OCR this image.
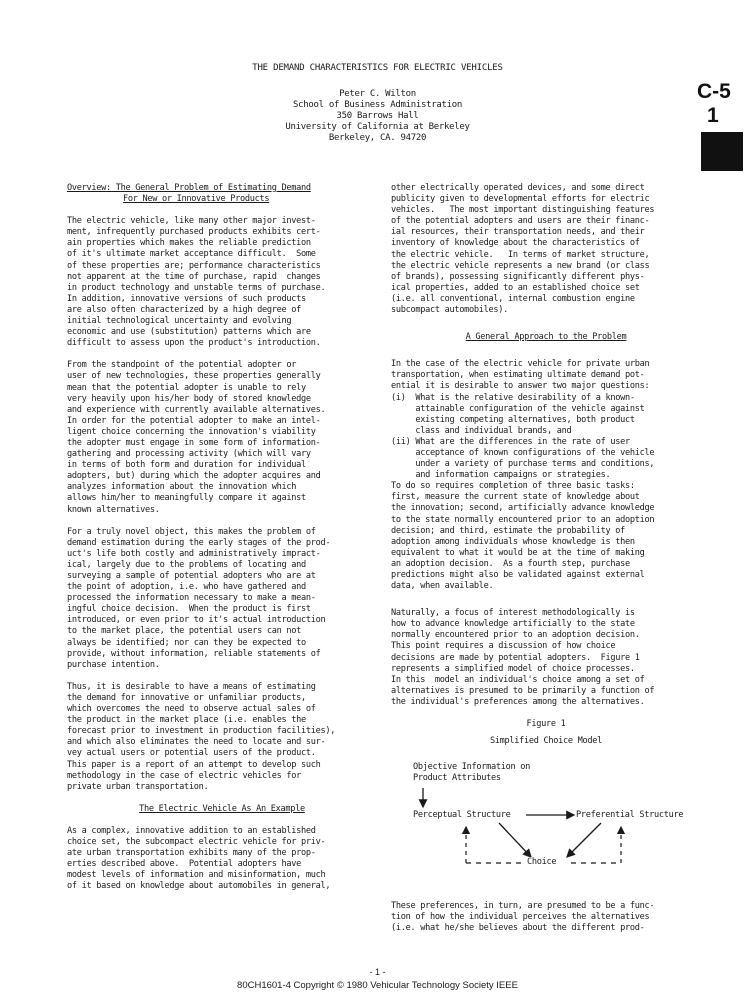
THE DEMAND CHARACTERISTICS FOR ELECTRIC VEHICLES
Peter C. Wilton
School of Business Administration
350 Barrows Hall
University of California at Berkeley
Berkeley, CA. 94720
C-5
1
Overview: The General Problem of Estimating Demand
For New or Innovative Products

The electric vehicle, like many other major invest-
ment, infrequently purchased products exhibits cert-
ain properties which makes the reliable prediction
of it's ultimate market acceptance difficult.  Some
of these properties are; performance characteristics
not apparent at the time of purchase, rapid  changes
in product technology and unstable terms of purchase.
In addition, innovative versions of such products
are also often characterized by a high degree of
initial technological uncertainty and evolving
economic and use (substitution) patterns which are
difficult to assess upon the product's introduction.

From the standpoint of the potential adopter or
user of new technologies, these properties generally
mean that the potential adopter is unable to rely
very heavily upon his/her body of stored knowledge
and experience with currently available alternatives.
In order for the potential adopter to make an intel-
ligent choice concerning the innovation's viability
the adopter must engage in some form of information-
gathering and processing activity (which will vary
in terms of both form and duration for individual
adopters, but) during which the adopter acquires and
analyzes information about the innovation which
allows him/her to meaningfully compare it against
known alternatives.

For a truly novel object, this makes the problem of
demand estimation during the early stages of the prod-
uct's life both costly and administratively impract-
ical, largely due to the problems of locating and
surveying a sample of potential adopters who are at
the point of adoption, i.e. who have gathered and
processed the information necessary to make a mean-
ingful choice decision.  When the product is first
introduced, or even prior to it's actual introduction
to the market place, the potential users can not
always be identified; nor can they be expected to
provide, without information, reliable statements of
purchase intention.

Thus, it is desirable to have a means of estimating
the demand for innovative or unfamiliar products,
which overcomes the need to observe actual sales of
the product in the market place (i.e. enables the
forecast prior to investment in production facilities),
and which also eliminates the need to locate and sur-
vey actual users or potential users of the product.
This paper is a report of an attempt to develop such
methodology in the case of electric vehicles for
private urban transportation.

The Electric Vehicle As An Example

As a complex, innovative addition to an established
choice set, the subcompact electric vehicle for priv-
ate urban transportation exhibits many of the prop-
erties described above.  Potential adopters have
modest levels of information and misinformation, much
of it based on knowledge about automobiles in general,

other electrically operated devices, and some direct
publicity given to developmental efforts for electric
vehicles.   The most important distinguishing features
of the potential adopters and users are their financ-
ial resources, their transportation needs, and their
inventory of knowledge about the characteristics of
the electric vehicle.   In terms of market structure,
the electric vehicle represents a new brand (or class
of brands), possessing significantly different phys-
ical properties, added to an established choice set
(i.e. all conventional, internal combustion engine
subcompact automobiles).

A General Approach to the Problem

In the case of the electric vehicle for private urban
transportation, when estimating ultimate demand pot-
ential it is desirable to answer two major questions:
(i)  What is the relative desirability of a known-
attainable configuration of the vehicle against
existing competing alternatives, both product
class and individual brands, and
(ii) What are the differences in the rate of user
acceptance of known configurations of the vehicle
under a variety of purchase terms and conditions,
and information campaigns or strategies.
To do so requires completion of three basic tasks:
first, measure the current state of knowledge about
the innovation; second, artificially advance knowledge
to the state normally encountered prior to an adoption
decision; and third, estimate the probability of
adoption among individuals whose knowledge is then
equivalent to what it would be at the time of making
an adoption decision.  As a fourth step, purchase
predictions might also be validated against external
data, when available.

Naturally, a focus of interest methodologically is
how to advance knowledge artificially to the state
normally encountered prior to an adoption decision.
This point requires a discussion of how choice
decisions are made by potential adopters.  Figure 1
represents a simplified model of choice processes.
In this  model an individual's choice among a set of
alternatives is presumed to be primarily a function of
the individual's preferences among the alternatives.

Figure 1
Simplified Choice Model
Objective Information on
Product Attributes
Perceptual Structure	Preferential Structure
Choice

These preferences, in turn, are presumed to be a func-
tion of how the individual perceives the alternatives
(i.e. what he/she believes about the different prod-

- 1 -
80CH1601-4 Copyright © 1980 Vehicular Technology Society IEEE
